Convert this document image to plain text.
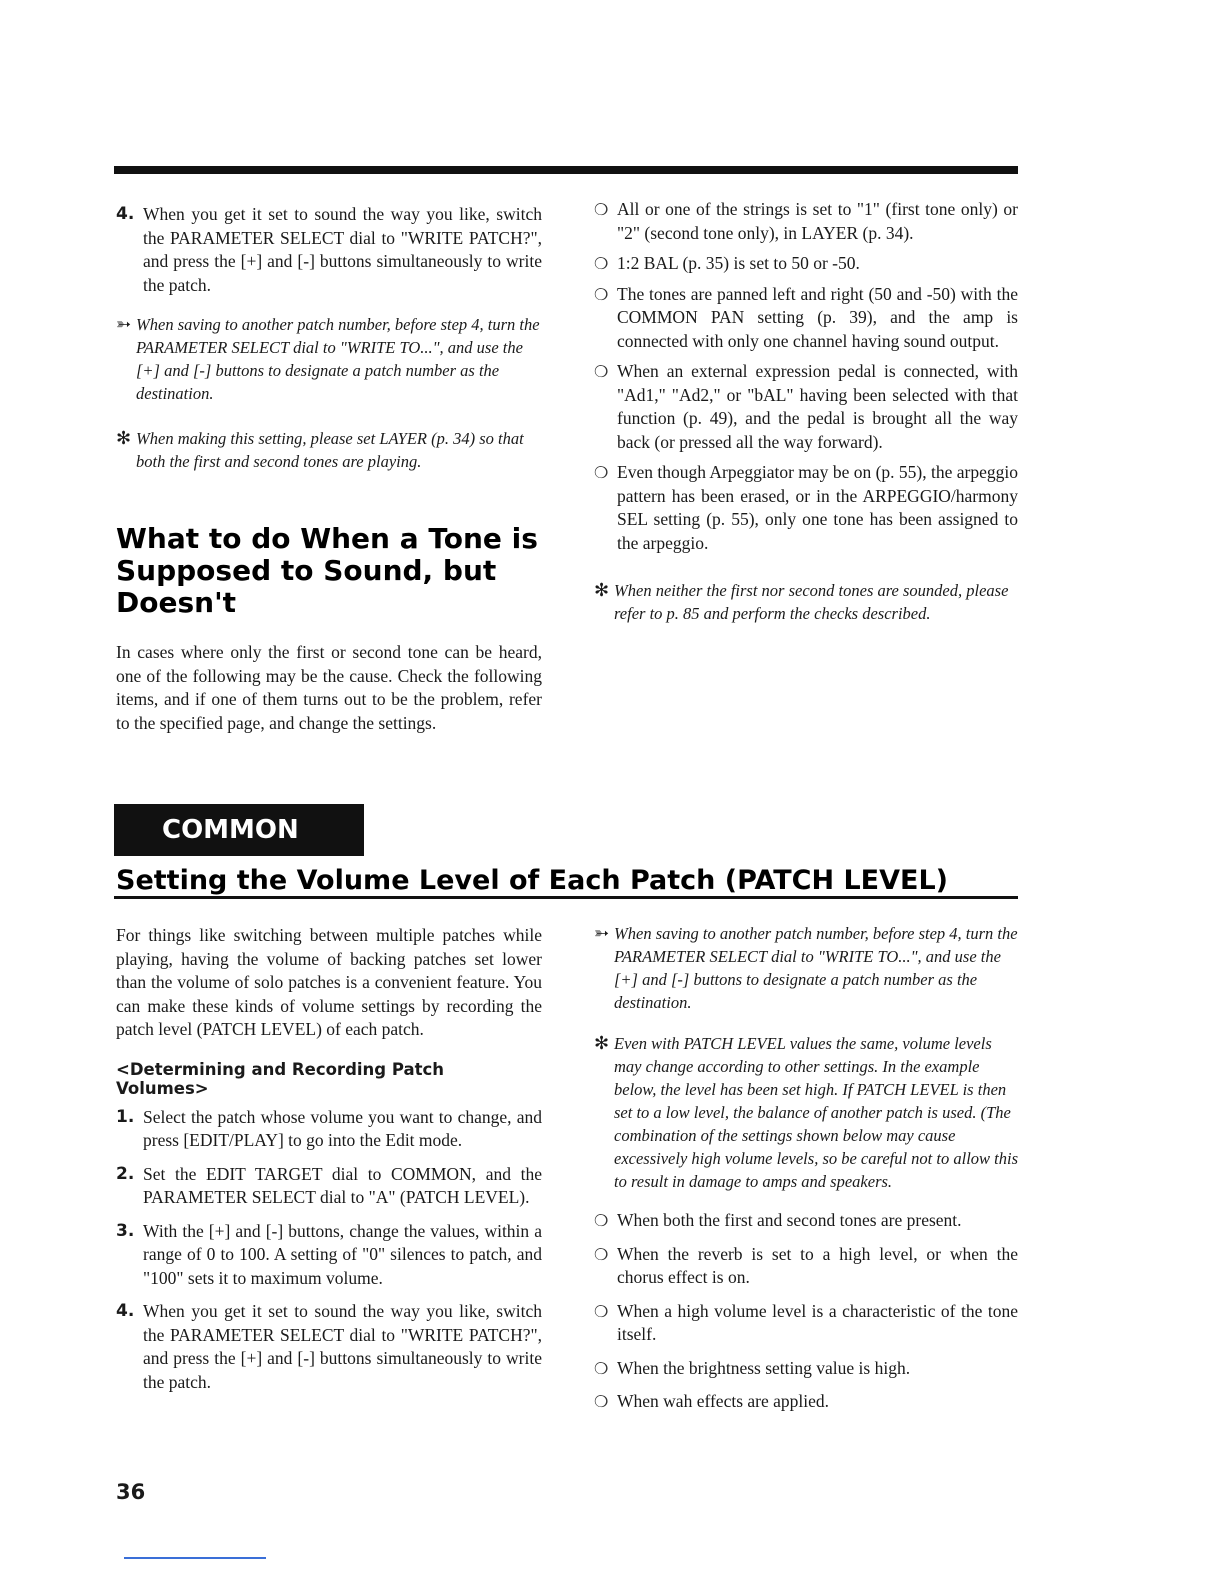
4. When you get it set to sound the way you like, switch the PARAMETER SELECT dial to "WRITE PATCH?", and press the [+] and [-] buttons simultaneously to write the patch.
➳ When saving to another patch number, before step 4, turn the PARAMETER SELECT dial to "WRITE TO...", and use the [+] and [-] buttons to designate a patch number as the destination.
✻ When making this setting, please set LAYER (p. 34) so that both the first and second tones are playing.
What to do When a Tone is Supposed to Sound, but Doesn't
In cases where only the first or second tone can be heard, one of the following may be the cause. Check the following items, and if one of them turns out to be the problem, refer to the specified page, and change the settings.
❍ All or one of the strings is set to "1" (first tone only) or "2" (second tone only), in LAYER (p. 34).
❍ 1:2 BAL (p. 35) is set to 50 or -50.
❍ The tones are panned left and right (50 and -50) with the COMMON PAN setting (p. 39), and the amp is connected with only one channel having sound output.
❍ When an external expression pedal is connected, with "Ad1," "Ad2," or "bAL" having been selected with that function (p. 49), and the pedal is brought all the way back (or pressed all the way forward).
❍ Even though Arpeggiator may be on (p. 55), the arpeggio pattern has been erased, or in the ARPEGGIO/harmony SEL setting (p. 55), only one tone has been assigned to the arpeggio.
✻ When neither the first nor second tones are sounded, please refer to p. 85 and perform the checks described.
COMMON
Setting the Volume Level of Each Patch (PATCH LEVEL)
For things like switching between multiple patches while playing, having the volume of backing patches set lower than the volume of solo patches is a convenient feature. You can make these kinds of volume settings by recording the patch level (PATCH LEVEL) of each patch.
<Determining and Recording Patch Volumes>
1. Select the patch whose volume you want to change, and press [EDIT/PLAY] to go into the Edit mode.
2. Set the EDIT TARGET dial to COMMON, and the PARAMETER SELECT dial to "A" (PATCH LEVEL).
3. With the [+] and [-] buttons, change the values, within a range of 0 to 100. A setting of "0" silences to patch, and "100" sets it to maximum volume.
4. When you get it set to sound the way you like, switch the PARAMETER SELECT dial to "WRITE PATCH?", and press the [+] and [-] buttons simultaneously to write the patch.
➳ When saving to another patch number, before step 4, turn the PARAMETER SELECT dial to "WRITE TO...", and use the [+] and [-] buttons to designate a patch number as the destination.
✻ Even with PATCH LEVEL values the same, volume levels may change according to other settings. In the example below, the level has been set high. If PATCH LEVEL is then set to a low level, the balance of another patch is used. (The combination of the settings shown below may cause excessively high volume levels, so be careful not to allow this to result in damage to amps and speakers.
❍ When both the first and second tones are present.
❍ When the reverb is set to a high level, or when the chorus effect is on.
❍ When a high volume level is a characteristic of the tone itself.
❍ When the brightness setting value is high.
❍ When wah effects are applied.
36
